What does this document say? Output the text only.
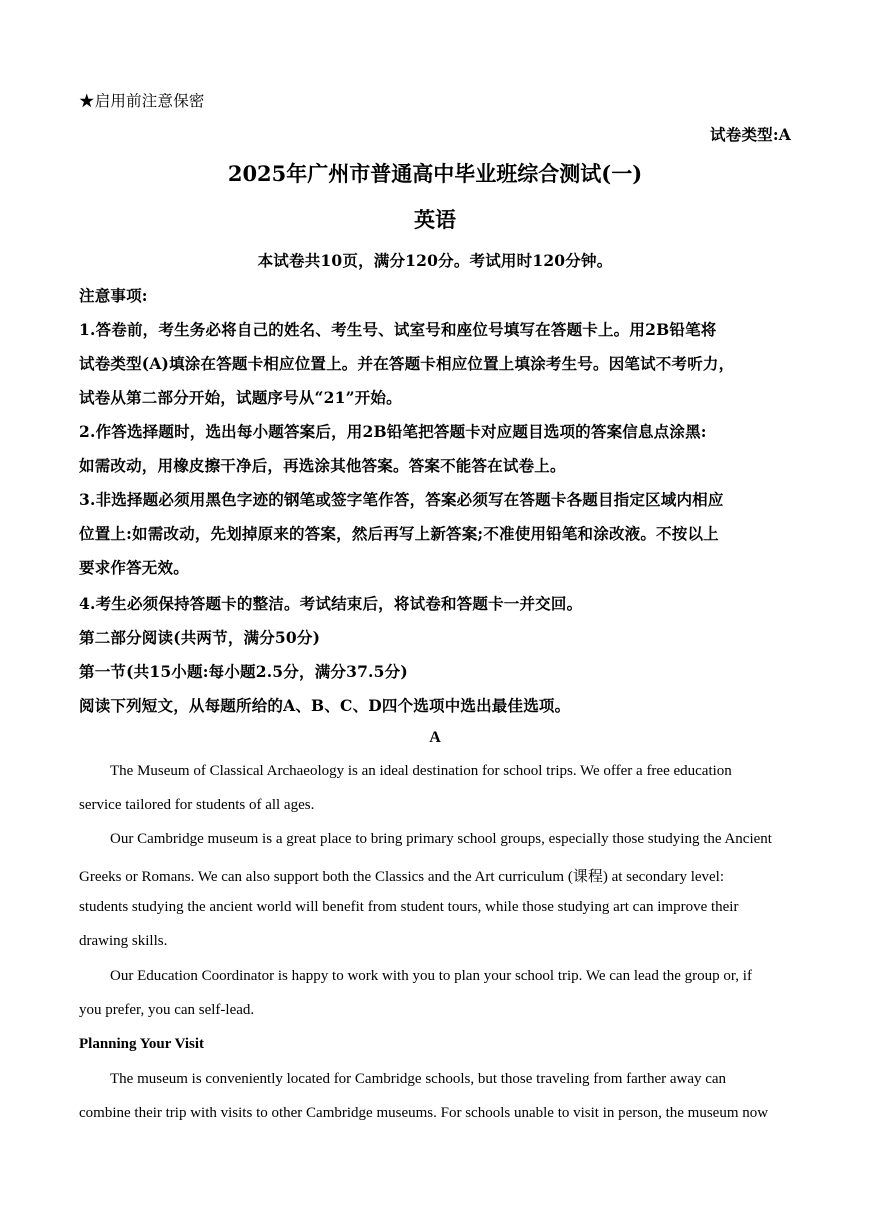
★启用前注意保密
试卷类型:A
2025年广州市普通高中毕业班综合测试(一)
英语
本试卷共10页，满分120分。考试用时120分钟。
注意事项:
1.答卷前，考生务必将自己的姓名、考生号、试室号和座位号填写在答题卡上。用2B铅笔将
试卷类型(A)填涂在答题卡相应位置上。并在答题卡相应位置上填涂考生号。因笔试不考听力，
试卷从第二部分开始，试题序号从“21”开始。
2.作答选择题时，选出每小题答案后，用2B铅笔把答题卡对应题目选项的答案信息点涂黑:
如需改动，用橡皮擦干净后，再选涂其他答案。答案不能答在试卷上。
3.非选择题必须用黑色字迹的钢笔或签字笔作答，答案必须写在答题卡各题目指定区域内相应
位置上:如需改动，先划掉原来的答案，然后再写上新答案;不准使用铅笔和涂改液。不按以上
要求作答无效。
4.考生必须保持答题卡的整洁。考试结束后，将试卷和答题卡一并交回。
第二部分阅读(共两节，满分50分)
第一节(共15小题:每小题2.5分，满分37.5分)
阅读下列短文，从每题所给的A、B、C、D四个选项中选出最佳选项。
A
The Museum of Classical Archaeology is an ideal destination for school trips. We offer a free education
service tailored for students of all ages.
Our Cambridge museum is a great place to bring primary school groups, especially those studying the Ancient
Greeks or Romans. We can also support both the Classics and the Art curriculum (课程) at secondary level:
students studying the ancient world will benefit from student tours, while those studying art can improve their
drawing skills.
Our Education Coordinator is happy to work with you to plan your school trip. We can lead the group or, if
you prefer, you can self-lead.
Planning Your Visit
The museum is conveniently located for Cambridge schools, but those traveling from farther away can
combine their trip with visits to other Cambridge museums. For schools unable to visit in person, the museum now
